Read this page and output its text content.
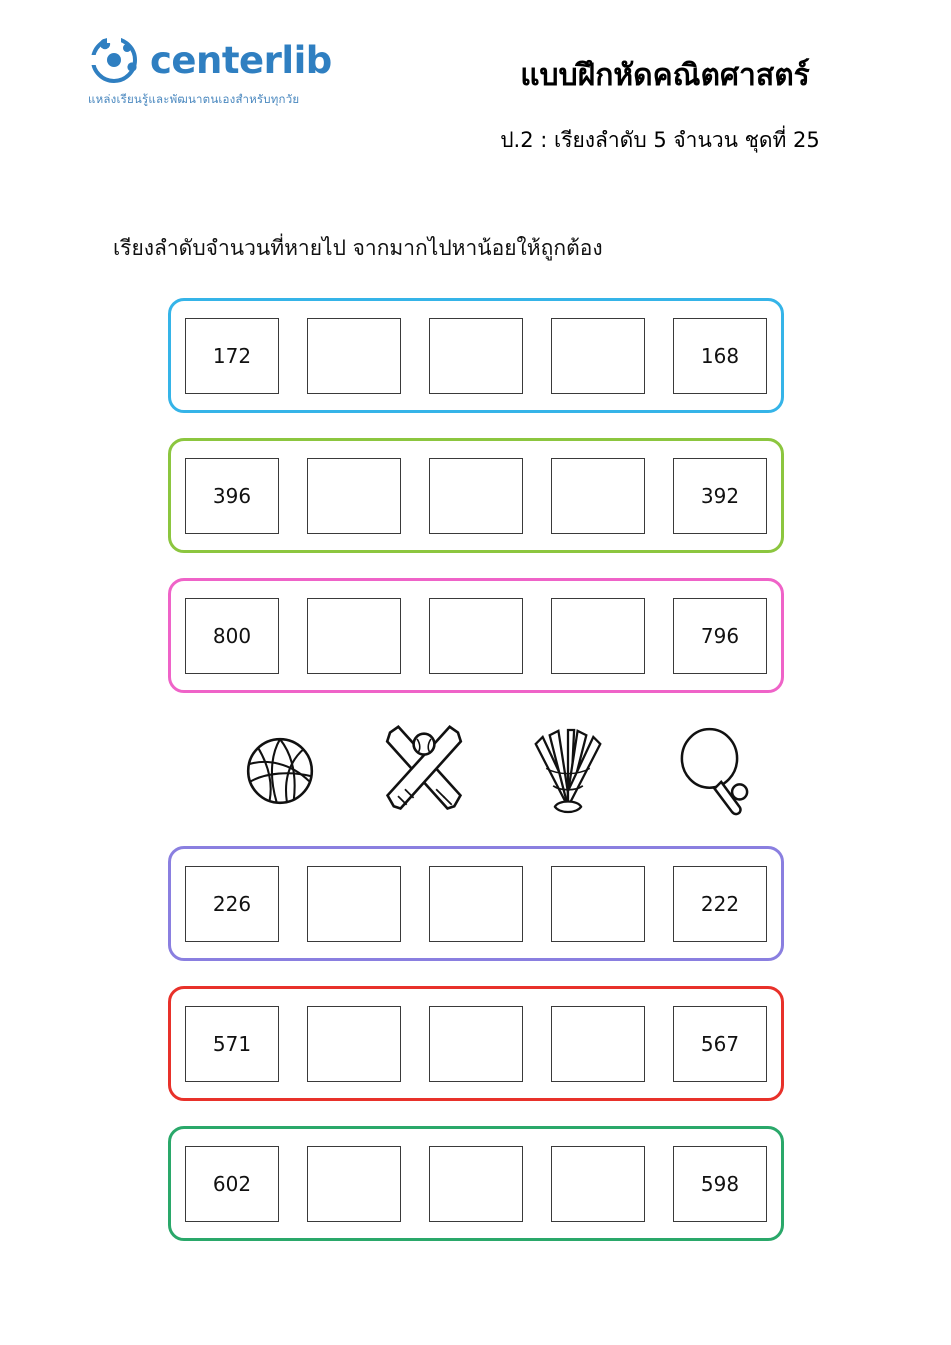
centerlib
แหล่งเรียนรู้และพัฒนาตนเองสำหรับทุกวัย
แบบฝึกหัดคณิตศาสตร์
ป.2 : เรียงลำดับ 5 จำนวน ชุดที่ 25
เรียงลำดับจำนวนที่หายไป จากมากไปหาน้อยให้ถูกต้อง
172	168
396	392
800	796
226	222
571	567
602	598
